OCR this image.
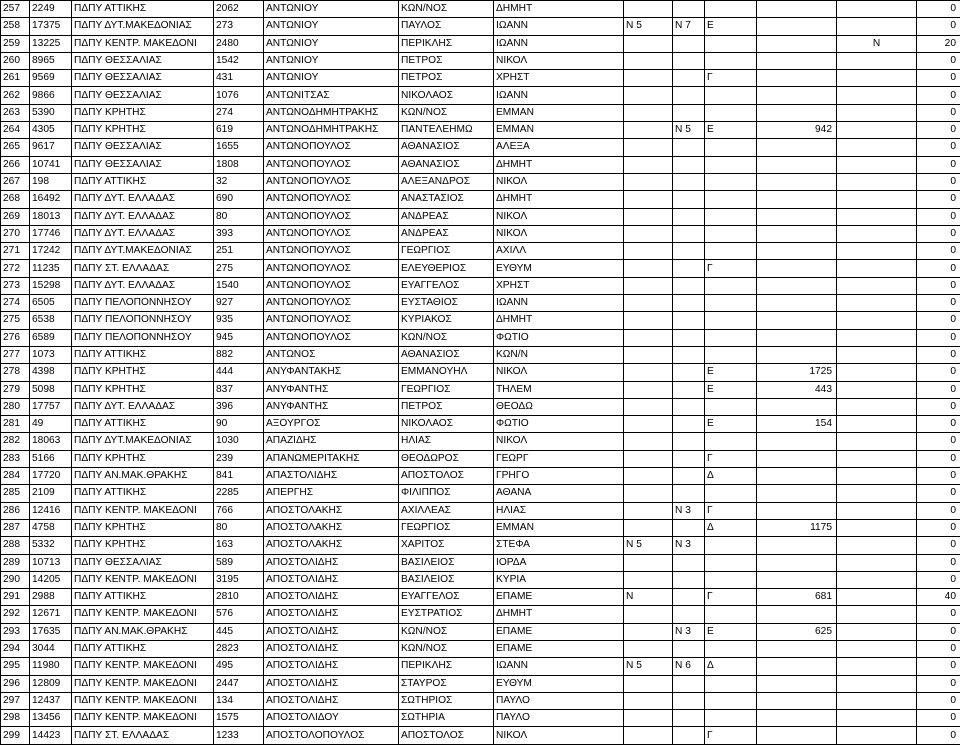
257	2249	ΠΔΠΥ ΑΤΤΙΚΗΣ	2062	ΑΝΤΩΝΙΟΥ	ΚΩΝ/ΝΟΣ	ΔΗΜΗΤ						0
258	17375	ΠΔΠΥ ΔΥΤ.ΜΑΚΕΔΟΝΙΑΣ	273	ΑΝΤΩΝΙΟΥ	ΠΑΥΛΟΣ	ΙΩΑΝΝ	Ν 5	Ν 7	Ε			0
259	13225	ΠΔΠΥ ΚΕΝΤΡ. ΜΑΚΕΔΟΝΙ	2480	ΑΝΤΩΝΙΟΥ	ΠΕΡΙΚΛΗΣ	ΙΩΑΝΝ					Ν	20
260	8965	ΠΔΠΥ ΘΕΣΣΑΛΙΑΣ	1542	ΑΝΤΩΝΙΟΥ	ΠΕΤΡΟΣ	ΝΙΚΟΛ						0
261	9569	ΠΔΠΥ ΘΕΣΣΑΛΙΑΣ	431	ΑΝΤΩΝΙΟΥ	ΠΕΤΡΟΣ	ΧΡΗΣΤ			Γ			0
262	9866	ΠΔΠΥ ΘΕΣΣΑΛΙΑΣ	1076	ΑΝΤΩΝΙΤΣΑΣ	ΝΙΚΟΛΑΟΣ	ΙΩΑΝΝ						0
263	5390	ΠΔΠΥ ΚΡΗΤΗΣ	274	ΑΝΤΩΝΟΔΗΜΗΤΡΑΚΗΣ	ΚΩΝ/ΝΟΣ	ΕΜΜΑΝ						0
264	4305	ΠΔΠΥ ΚΡΗΤΗΣ	619	ΑΝΤΩΝΟΔΗΜΗΤΡΑΚΗΣ	ΠΑΝΤΕΛΕΗΜΩ	ΕΜΜΑΝ		Ν 5	Ε	942		0
265	9617	ΠΔΠΥ ΘΕΣΣΑΛΙΑΣ	1655	ΑΝΤΩΝΟΠΟΥΛΟΣ	ΑΘΑΝΑΣΙΟΣ	ΑΛΕΞΑ						0
266	10741	ΠΔΠΥ ΘΕΣΣΑΛΙΑΣ	1808	ΑΝΤΩΝΟΠΟΥΛΟΣ	ΑΘΑΝΑΣΙΟΣ	ΔΗΜΗΤ						0
267	198	ΠΔΠΥ ΑΤΤΙΚΗΣ	32	ΑΝΤΩΝΟΠΟΥΛΟΣ	ΑΛΕΞΑΝΔΡΟΣ	ΝΙΚΟΛ						0
268	16492	ΠΔΠΥ ΔΥΤ. ΕΛΛΑΔΑΣ	690	ΑΝΤΩΝΟΠΟΥΛΟΣ	ΑΝΑΣΤΑΣΙΟΣ	ΔΗΜΗΤ						0
269	18013	ΠΔΠΥ ΔΥΤ. ΕΛΛΑΔΑΣ	80	ΑΝΤΩΝΟΠΟΥΛΟΣ	ΑΝΔΡΕΑΣ	ΝΙΚΟΛ						0
270	17746	ΠΔΠΥ ΔΥΤ. ΕΛΛΑΔΑΣ	393	ΑΝΤΩΝΟΠΟΥΛΟΣ	ΑΝΔΡΕΑΣ	ΝΙΚΟΛ						0
271	17242	ΠΔΠΥ ΔΥΤ.ΜΑΚΕΔΟΝΙΑΣ	251	ΑΝΤΩΝΟΠΟΥΛΟΣ	ΓΕΩΡΓΙΟΣ	ΑΧΙΛΛ						0
272	11235	ΠΔΠΥ ΣΤ. ΕΛΛΑΔΑΣ	275	ΑΝΤΩΝΟΠΟΥΛΟΣ	ΕΛΕΥΘΕΡΙΟΣ	ΕΥΘΥΜ			Γ			0
273	15298	ΠΔΠΥ ΔΥΤ. ΕΛΛΑΔΑΣ	1540	ΑΝΤΩΝΟΠΟΥΛΟΣ	ΕΥΑΓΓΕΛΟΣ	ΧΡΗΣΤ						0
274	6505	ΠΔΠΥ ΠΕΛΟΠΟΝΝΗΣΟΥ	927	ΑΝΤΩΝΟΠΟΥΛΟΣ	ΕΥΣΤΑΘΙΟΣ	ΙΩΑΝΝ						0
275	6538	ΠΔΠΥ ΠΕΛΟΠΟΝΝΗΣΟΥ	935	ΑΝΤΩΝΟΠΟΥΛΟΣ	ΚΥΡΙΑΚΟΣ	ΔΗΜΗΤ						0
276	6589	ΠΔΠΥ ΠΕΛΟΠΟΝΝΗΣΟΥ	945	ΑΝΤΩΝΟΠΟΥΛΟΣ	ΚΩΝ/ΝΟΣ	ΦΩΤΙΟ						0
277	1073	ΠΔΠΥ ΑΤΤΙΚΗΣ	882	ΑΝΤΩΝΟΣ	ΑΘΑΝΑΣΙΟΣ	ΚΩΝ/Ν						0
278	4398	ΠΔΠΥ ΚΡΗΤΗΣ	444	ΑΝΥΦΑΝΤΑΚΗΣ	ΕΜΜΑΝΟΥΗΛ	ΝΙΚΟΛ			Ε	1725		0
279	5098	ΠΔΠΥ ΚΡΗΤΗΣ	837	ΑΝΥΦΑΝΤΗΣ	ΓΕΩΡΓΙΟΣ	ΤΗΛΕΜ			Ε	443		0
280	17757	ΠΔΠΥ ΔΥΤ. ΕΛΛΑΔΑΣ	396	ΑΝΥΦΑΝΤΗΣ	ΠΕΤΡΟΣ	ΘΕΟΔΩ						0
281	49	ΠΔΠΥ ΑΤΤΙΚΗΣ	90	ΑΞΟΥΡΓΟΣ	ΝΙΚΟΛΑΟΣ	ΦΩΤΙΟ			Ε	154		0
282	18063	ΠΔΠΥ ΔΥΤ.ΜΑΚΕΔΟΝΙΑΣ	1030	ΑΠΑΖΙΔΗΣ	ΗΛΙΑΣ	ΝΙΚΟΛ						0
283	5166	ΠΔΠΥ ΚΡΗΤΗΣ	239	ΑΠΑΝΩΜΕΡΙΤΑΚΗΣ	ΘΕΟΔΩΡΟΣ	ΓΕΩΡΓ			Γ			0
284	17720	ΠΔΠΥ ΑΝ.ΜΑΚ.ΘΡΑΚΗΣ	841	ΑΠΑΣΤΟΛΙΔΗΣ	ΑΠΟΣΤΟΛΟΣ	ΓΡΗΓΟ			Δ			0
285	2109	ΠΔΠΥ ΑΤΤΙΚΗΣ	2285	ΑΠΕΡΓΗΣ	ΦΙΛΙΠΠΟΣ	ΑΘΑΝΑ						0
286	12416	ΠΔΠΥ ΚΕΝΤΡ. ΜΑΚΕΔΟΝΙ	766	ΑΠΟΣΤΟΛΑΚΗΣ	ΑΧΙΛΛΕΑΣ	ΗΛΙΑΣ		Ν 3	Γ			0
287	4758	ΠΔΠΥ ΚΡΗΤΗΣ	80	ΑΠΟΣΤΟΛΑΚΗΣ	ΓΕΩΡΓΙΟΣ	ΕΜΜΑΝ			Δ	1175		0
288	5332	ΠΔΠΥ ΚΡΗΤΗΣ	163	ΑΠΟΣΤΟΛΑΚΗΣ	ΧΑΡΙΤΟΣ	ΣΤΕΦΑ	Ν 5	Ν 3				0
289	10713	ΠΔΠΥ ΘΕΣΣΑΛΙΑΣ	589	ΑΠΟΣΤΟΛΙΔΗΣ	ΒΑΣΙΛΕΙΟΣ	ΙΟΡΔΑ						0
290	14205	ΠΔΠΥ ΚΕΝΤΡ. ΜΑΚΕΔΟΝΙ	3195	ΑΠΟΣΤΟΛΙΔΗΣ	ΒΑΣΙΛΕΙΟΣ	ΚΥΡΙΑ						0
291	2988	ΠΔΠΥ ΑΤΤΙΚΗΣ	2810	ΑΠΟΣΤΟΛΙΔΗΣ	ΕΥΑΓΓΕΛΟΣ	ΕΠΑΜΕ	Ν		Γ	681		40
292	12671	ΠΔΠΥ ΚΕΝΤΡ. ΜΑΚΕΔΟΝΙ	576	ΑΠΟΣΤΟΛΙΔΗΣ	ΕΥΣΤΡΑΤΙΟΣ	ΔΗΜΗΤ						0
293	17635	ΠΔΠΥ ΑΝ.ΜΑΚ.ΘΡΑΚΗΣ	445	ΑΠΟΣΤΟΛΙΔΗΣ	ΚΩΝ/ΝΟΣ	ΕΠΑΜΕ		Ν 3	Ε	625		0
294	3044	ΠΔΠΥ ΑΤΤΙΚΗΣ	2823	ΑΠΟΣΤΟΛΙΔΗΣ	ΚΩΝ/ΝΟΣ	ΕΠΑΜΕ						0
295	11980	ΠΔΠΥ ΚΕΝΤΡ. ΜΑΚΕΔΟΝΙ	495	ΑΠΟΣΤΟΛΙΔΗΣ	ΠΕΡΙΚΛΗΣ	ΙΩΑΝΝ	Ν 5	Ν 6	Δ			0
296	12809	ΠΔΠΥ ΚΕΝΤΡ. ΜΑΚΕΔΟΝΙ	2447	ΑΠΟΣΤΟΛΙΔΗΣ	ΣΤΑΥΡΟΣ	ΕΥΘΥΜ						0
297	12437	ΠΔΠΥ ΚΕΝΤΡ. ΜΑΚΕΔΟΝΙ	134	ΑΠΟΣΤΟΛΙΔΗΣ	ΣΩΤΗΡΙΟΣ	ΠΑΥΛΟ						0
298	13456	ΠΔΠΥ ΚΕΝΤΡ. ΜΑΚΕΔΟΝΙ	1575	ΑΠΟΣΤΟΛΙΔΟΥ	ΣΩΤΗΡΙΑ	ΠΑΥΛΟ						0
299	14423	ΠΔΠΥ ΣΤ. ΕΛΛΑΔΑΣ	1233	ΑΠΟΣΤΟΛΟΠΟΥΛΟΣ	ΑΠΟΣΤΟΛΟΣ	ΝΙΚΟΛ			Γ			0
